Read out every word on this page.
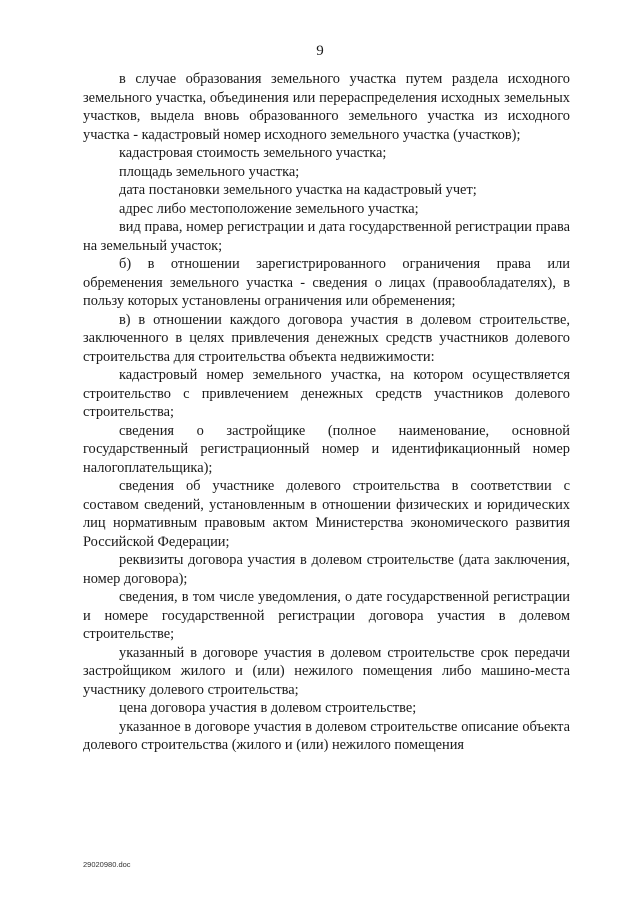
9

в случае образования земельного участка путем раздела исходного земельного участка, объединения или перераспределения исходных земельных участков, выдела вновь образованного земельного участка из исходного участка - кадастровый номер исходного земельного участка (участков);

кадастровая стоимость земельного участка;

площадь земельного участка;

дата постановки земельного участка на кадастровый учет;

адрес либо местоположение земельного участка;

вид права, номер регистрации и дата государственной регистрации права на земельный участок;

б) в отношении зарегистрированного ограничения права или обременения земельного участка - сведения о лицах (правообладателях), в пользу которых установлены ограничения или обременения;

в) в отношении каждого договора участия в долевом строительстве, заключенного в целях привлечения денежных средств участников долевого строительства для строительства объекта недвижимости:

кадастровый номер земельного участка, на котором осуществляется строительство с привлечением денежных средств участников долевого строительства;

сведения о застройщике (полное наименование, основной государственный регистрационный номер и идентификационный номер налогоплательщика);

сведения об участнике долевого строительства в соответствии с составом сведений, установленным в отношении физических и юридических лиц нормативным правовым актом Министерства экономического развития Российской Федерации;

реквизиты договора участия в долевом строительстве (дата заключения, номер договора);

сведения, в том числе уведомления, о дате государственной регистрации и номере государственной регистрации договора участия в долевом строительстве;

указанный в договоре участия в долевом строительстве срок передачи застройщиком жилого и (или) нежилого помещения либо машино-места участнику долевого строительства;

цена договора участия в долевом строительстве;

указанное в договоре участия в долевом строительстве описание объекта долевого строительства (жилого и (или) нежилого помещения

29020980.doc
